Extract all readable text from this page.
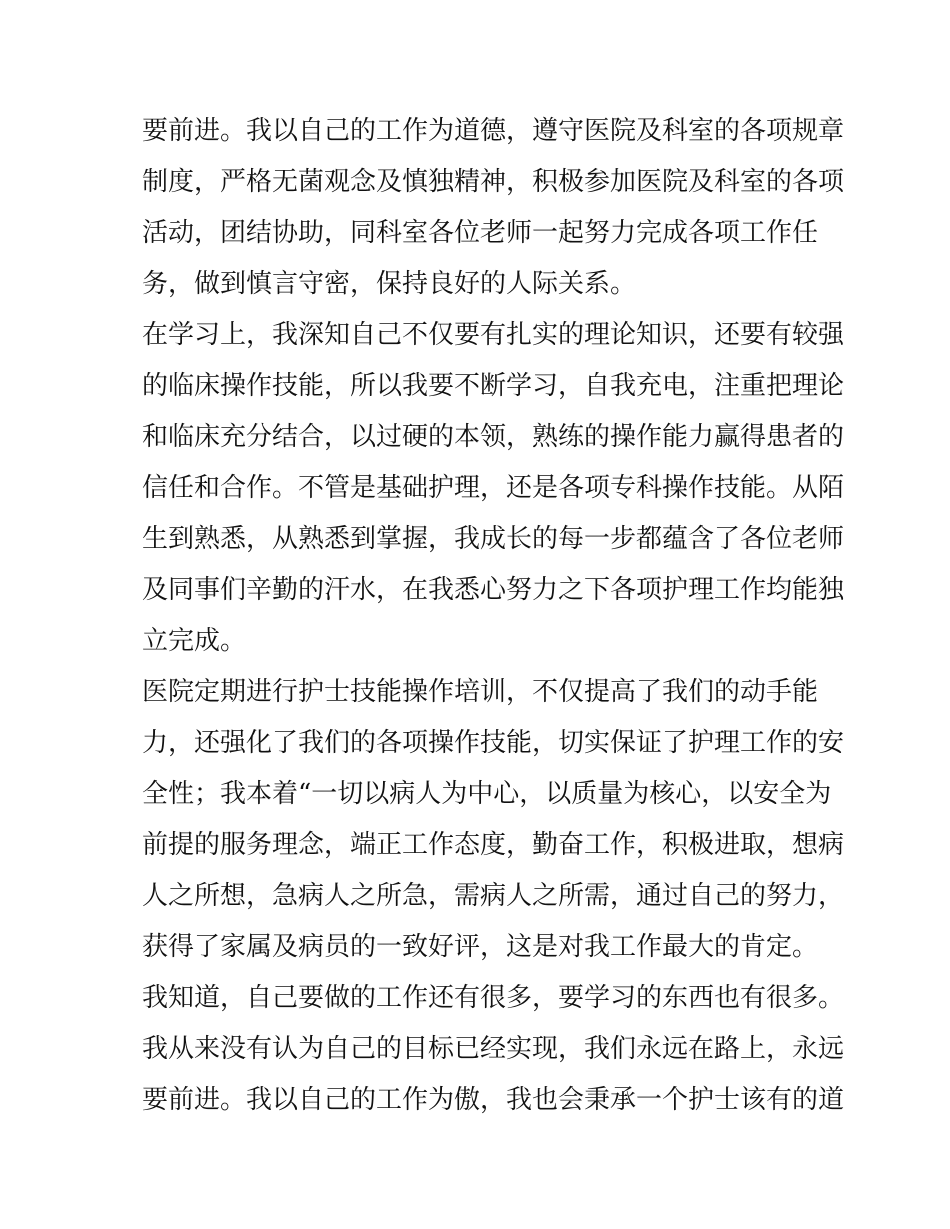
要前进。我以自己的工作为道德，遵守医院及科室的各项规章
制度，严格无菌观念及慎独精神，积极参加医院及科室的各项
活动，团结协助，同科室各位老师一起努力完成各项工作任
务，做到慎言守密，保持良好的人际关系。
在学习上，我深知自己不仅要有扎实的理论知识，还要有较强
的临床操作技能，所以我要不断学习，自我充电，注重把理论
和临床充分结合，以过硬的本领，熟练的操作能力赢得患者的
信任和合作。不管是基础护理，还是各项专科操作技能。从陌
生到熟悉，从熟悉到掌握，我成长的每一步都蕴含了各位老师
及同事们辛勤的汗水，在我悉心努力之下各项护理工作均能独
立完成。
医院定期进行护士技能操作培训，不仅提高了我们的动手能
力，还强化了我们的各项操作技能，切实保证了护理工作的安
全性；我本着“一切以病人为中心，以质量为核心，以安全为
前提的服务理念，端正工作态度，勤奋工作，积极进取，想病
人之所想，急病人之所急，需病人之所需，通过自己的努力，
获得了家属及病员的一致好评，这是对我工作最大的肯定。
我知道，自己要做的工作还有很多，要学习的东西也有很多。
我从来没有认为自己的目标已经实现，我们永远在路上，永远
要前进。我以自己的工作为傲，我也会秉承一个护士该有的道
